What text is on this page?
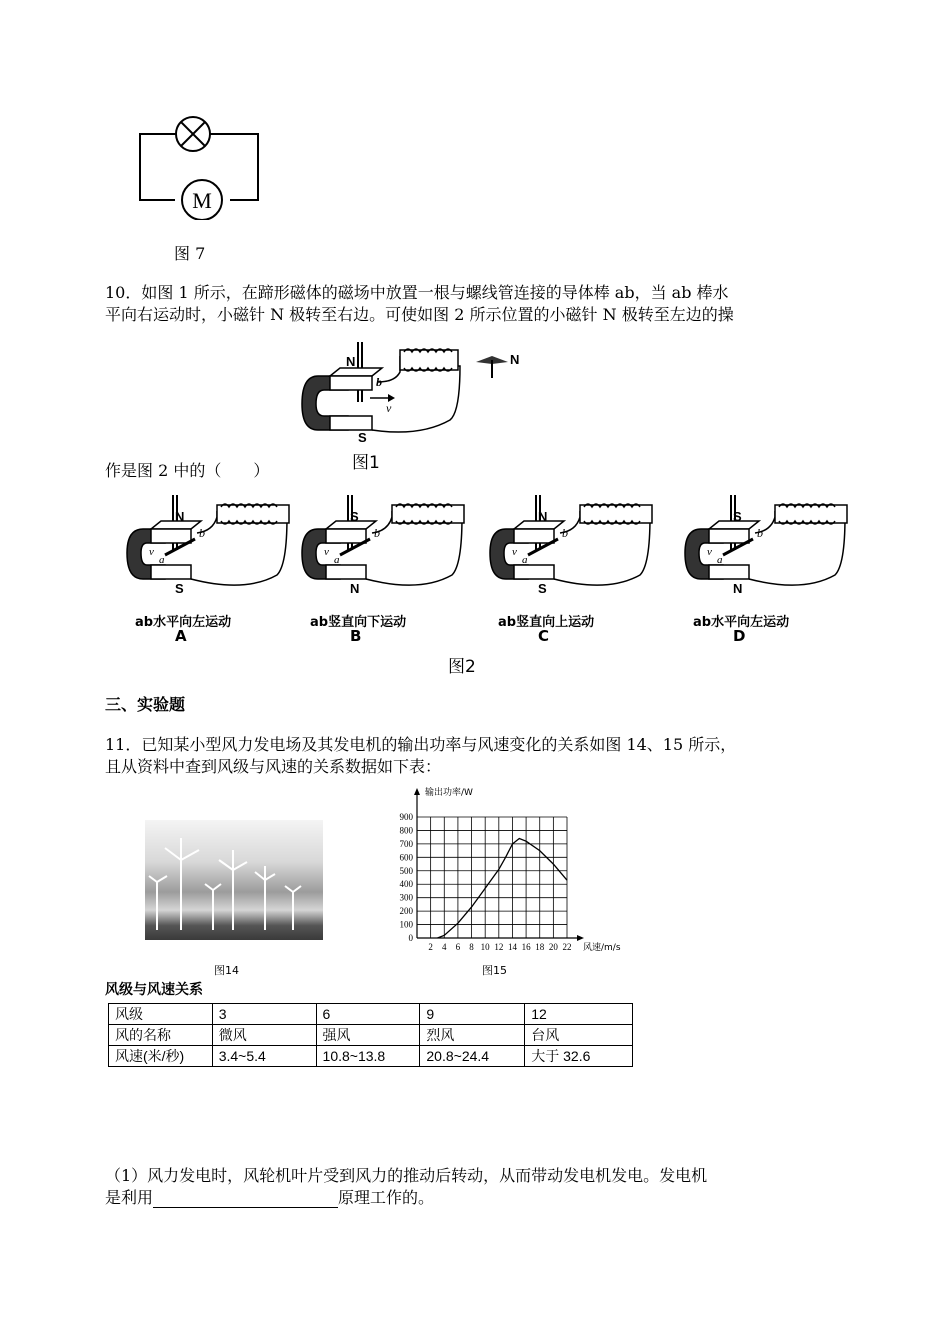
M
图 7
10．如图 1 所示，在蹄形磁体的磁场中放置一根与螺线管连接的导体棒 ab，当 ab 棒水
平向右运动时，小磁针 N 极转至右边。可使如图 2 所示位置的小磁针 N 极转至左边的操
N
S
b
v
N
图1
作是图 2 中的（　　）
N
S
b
a
v
ab水平向左运动
A
S
N
b
a
v
ab竖直向下运动
B
N
S
b
a
v
ab竖直向上运动
C
S
N
b
a
v
ab水平向左运动
D
图2
三、实验题
11．已知某小型风力发电场及其发电机的输出功率与风速变化的关系如图 14、15 所示，
且从资料中查到风级与风速的关系数据如下表：
图14
0
100
200
300
400
500
600
700
800
900
2 4 6 8 10 12 14 16 18 20 22
输出功率/W
风速/m/s
图15
风级与风速关系
风级	3	6	9	12
风的名称	微风	强风	烈风	台风
风速(米/秒)	3.4~5.4	10.8~13.8	20.8~24.4	大于 32.6
（1）风力发电时，风轮机叶片受到风力的推动后转动，从而带动发电机发电。发电机
是利用	原理工作的。
